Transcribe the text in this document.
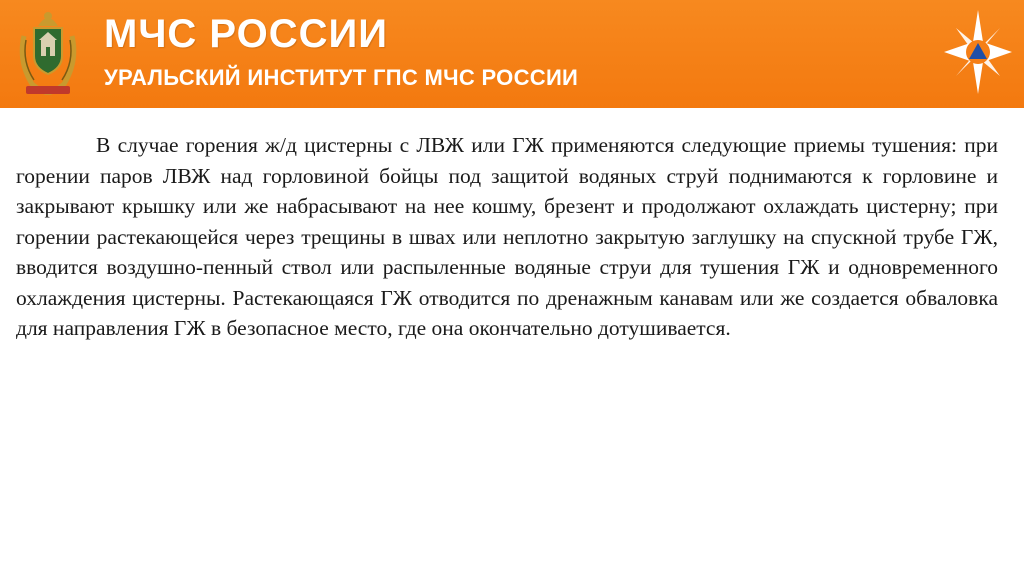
МЧС РОССИИ
УРАЛЬСКИЙ ИНСТИТУТ ГПС МЧС РОССИИ

В случае горения ж/д цистерны с ЛВЖ или ГЖ применяются следующие приемы тушения: при горении паров ЛВЖ над горловиной бойцы под защитой водяных струй поднимаются к горловине и закрывают крышку или же набрасывают на нее кошму, брезент и продолжают охлаждать цистерну; при горении растекающейся через трещины в швах или неплотно закрытую заглушку на спускной трубе ГЖ, вводится воздушно-пенный ствол или распыленные водяные струи для тушения ГЖ и одновременного охлаждения цистерны. Растекающаяся ГЖ отводится по дренажным канавам или же создается обваловка для направления ГЖ в безопасное место, где она окончательно дотушивается.
